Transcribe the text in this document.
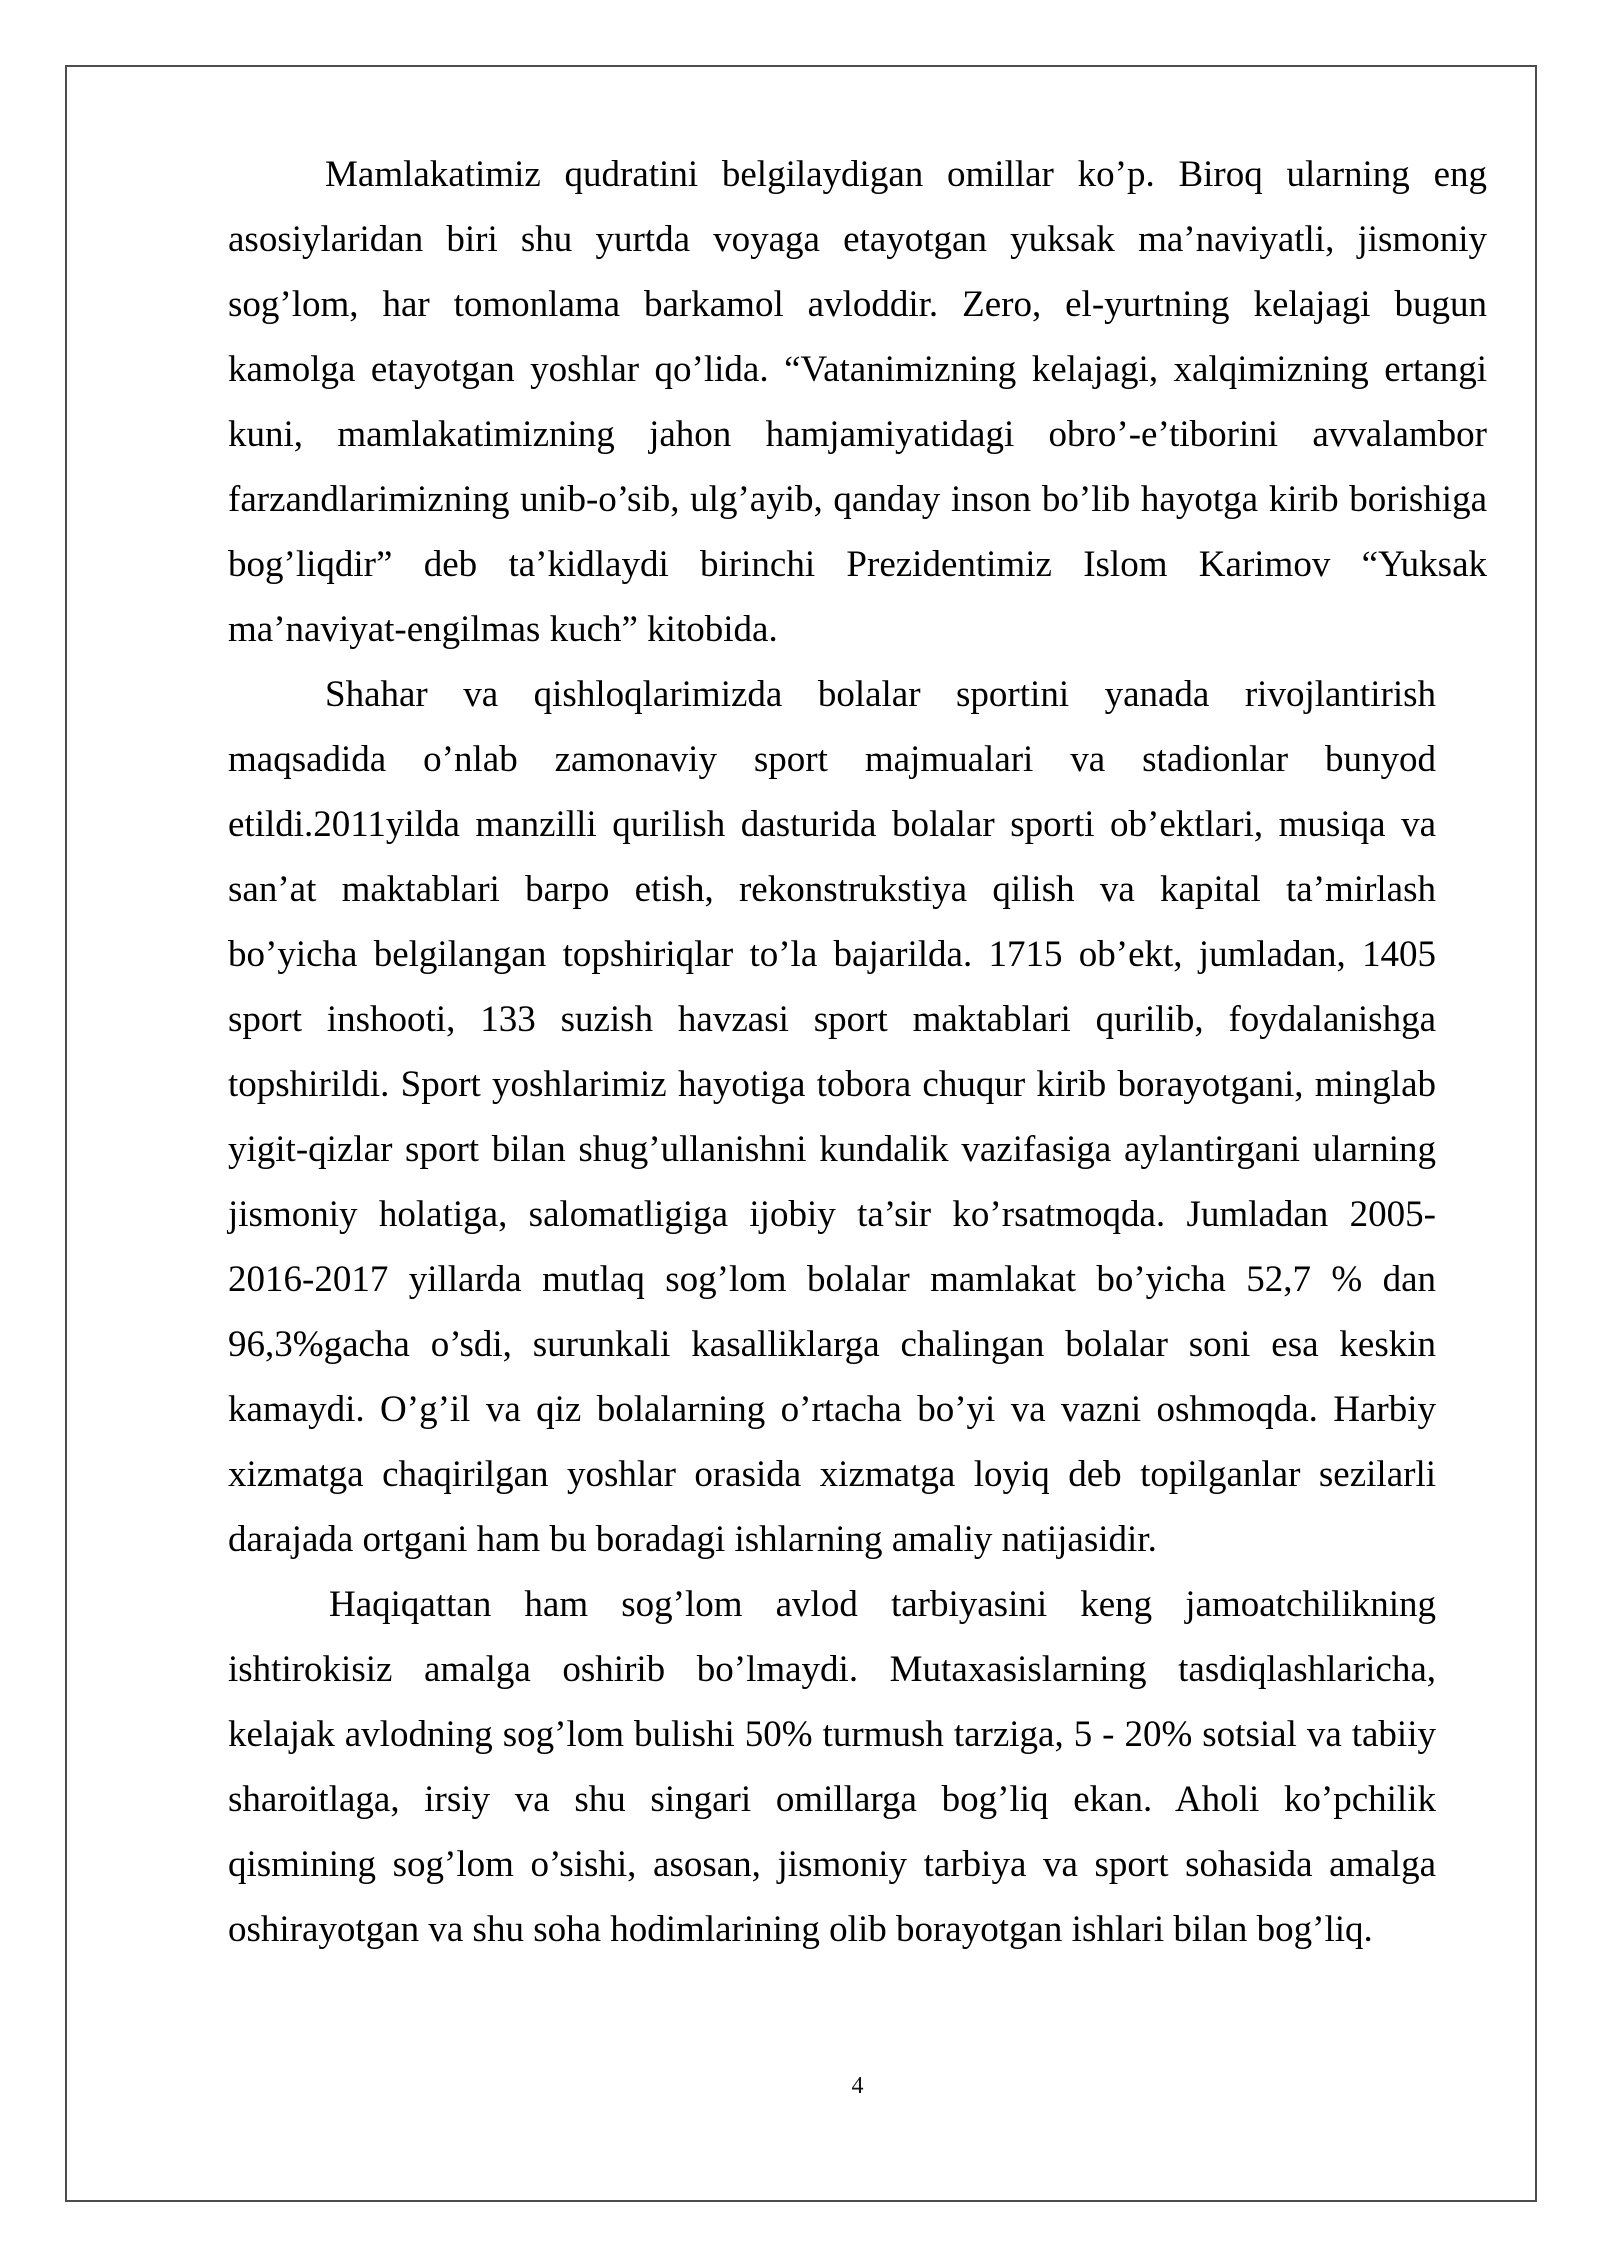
Mamlakatimiz qudratini belgilaydigan omillar ko’p. Biroq ularning eng
asosiylaridan biri shu yurtda voyaga etayotgan yuksak ma’naviyatli, jismoniy
sog’lom, har tomonlama barkamol avloddir. Zero, el-yurtning kelajagi bugun
kamolga etayotgan yoshlar qo’lida. “Vatanimizning kelajagi, xalqimizning ertangi
kuni, mamlakatimizning jahon hamjamiyatidagi obro’-e’tiborini avvalambor
farzandlarimizning unib-o’sib, ulg’ayib, qanday inson bo’lib hayotga kirib borishiga
bog’liqdir” deb ta’kidlaydi birinchi Prezidentimiz Islom Karimov “Yuksak
ma’naviyat-engilmas kuch” kitobida.
Shahar va qishloqlarimizda bolalar sportini yanada rivojlantirish
maqsadida o’nlab zamonaviy sport majmualari va stadionlar bunyod
etildi.2011yilda manzilli qurilish dasturida bolalar sporti ob’ektlari, musiqa va
san’at maktablari barpo etish, rekonstrukstiya qilish va kapital ta’mirlash
bo’yicha belgilangan topshiriqlar to’la bajarilda. 1715 ob’ekt, jumladan, 1405
sport inshooti, 133 suzish havzasi sport maktablari qurilib, foydalanishga
topshirildi. Sport yoshlarimiz hayotiga tobora chuqur kirib borayotgani, minglab
yigit-qizlar sport bilan shug’ullanishni kundalik vazifasiga aylantirgani ularning
jismoniy holatiga, salomatligiga ijobiy ta’sir ko’rsatmoqda. Jumladan 2005-
2016-2017 yillarda mutlaq sog’lom bolalar mamlakat bo’yicha 52,7 % dan
96,3%gacha o’sdi, surunkali kasalliklarga chalingan bolalar soni esa keskin
kamaydi. O’g’il va qiz bolalarning o’rtacha bo’yi va vazni oshmoqda. Harbiy
xizmatga chaqirilgan yoshlar orasida xizmatga loyiq deb topilganlar sezilarli
darajada ortgani ham bu boradagi ishlarning amaliy natijasidir.
Haqiqattan ham sog’lom avlod tarbiyasini keng jamoatchilikning
ishtirokisiz amalga oshirib bo’lmaydi. Mutaxasislarning tasdiqlashlaricha,
kelajak avlodning sog’lom bulishi 50% turmush tarziga, 5 - 20% sotsial va tabiiy
sharoitlaga, irsiy va shu singari omillarga bog’liq ekan. Aholi ko’pchilik
qismining sog’lom o’sishi, asosan, jismoniy tarbiya va sport sohasida amalga
oshirayotgan va shu soha hodimlarining olib borayotgan ishlari bilan bog’liq.
4
